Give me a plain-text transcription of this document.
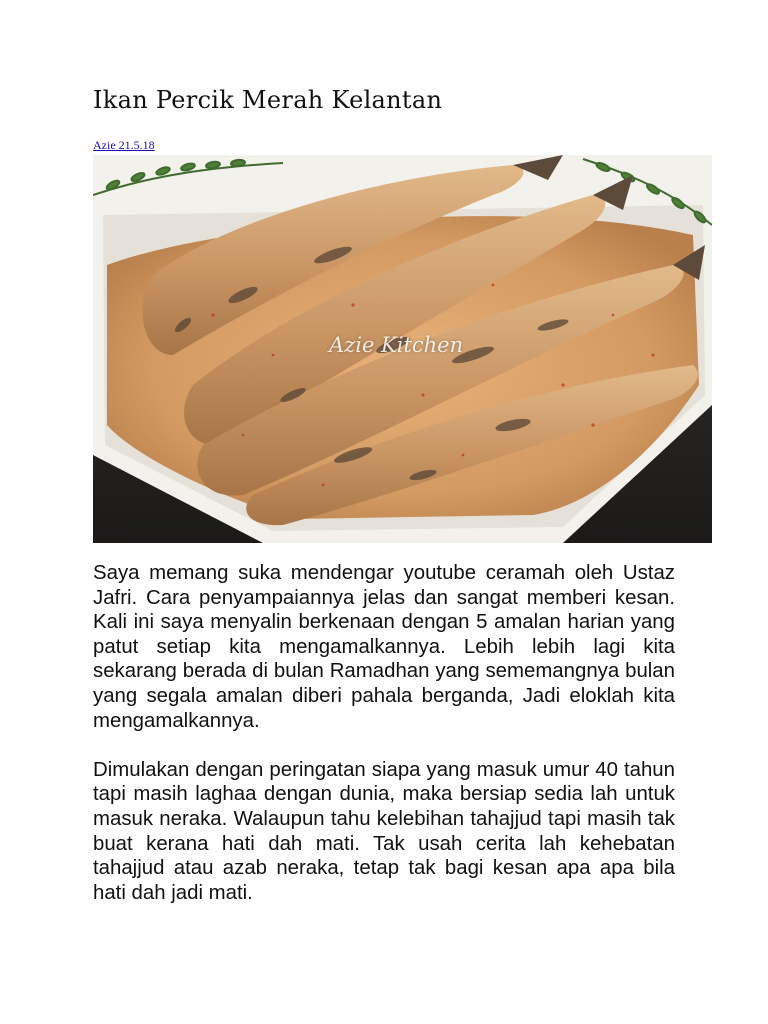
Ikan Percik Merah Kelantan
Azie 21.5.18
Azie Kitchen

Saya memang suka mendengar youtube ceramah oleh Ustaz Jafri. Cara penyampaiannya jelas dan sangat memberi kesan. Kali ini saya menyalin berkenaan dengan 5 amalan harian yang patut setiap kita mengamalkannya. Lebih lebih lagi kita sekarang berada di bulan Ramadhan yang sememangnya bulan yang segala amalan diberi pahala berganda, Jadi eloklah kita mengamalkannya.

Dimulakan dengan peringatan siapa yang masuk umur 40 tahun tapi masih laghaa dengan dunia, maka bersiap sedia lah untuk masuk neraka. Walaupun tahu kelebihan tahajjud tapi masih tak buat kerana hati dah mati. Tak usah cerita lah kehebatan tahajjud atau azab neraka, tetap tak bagi kesan apa apa bila hati dah jadi mati.
